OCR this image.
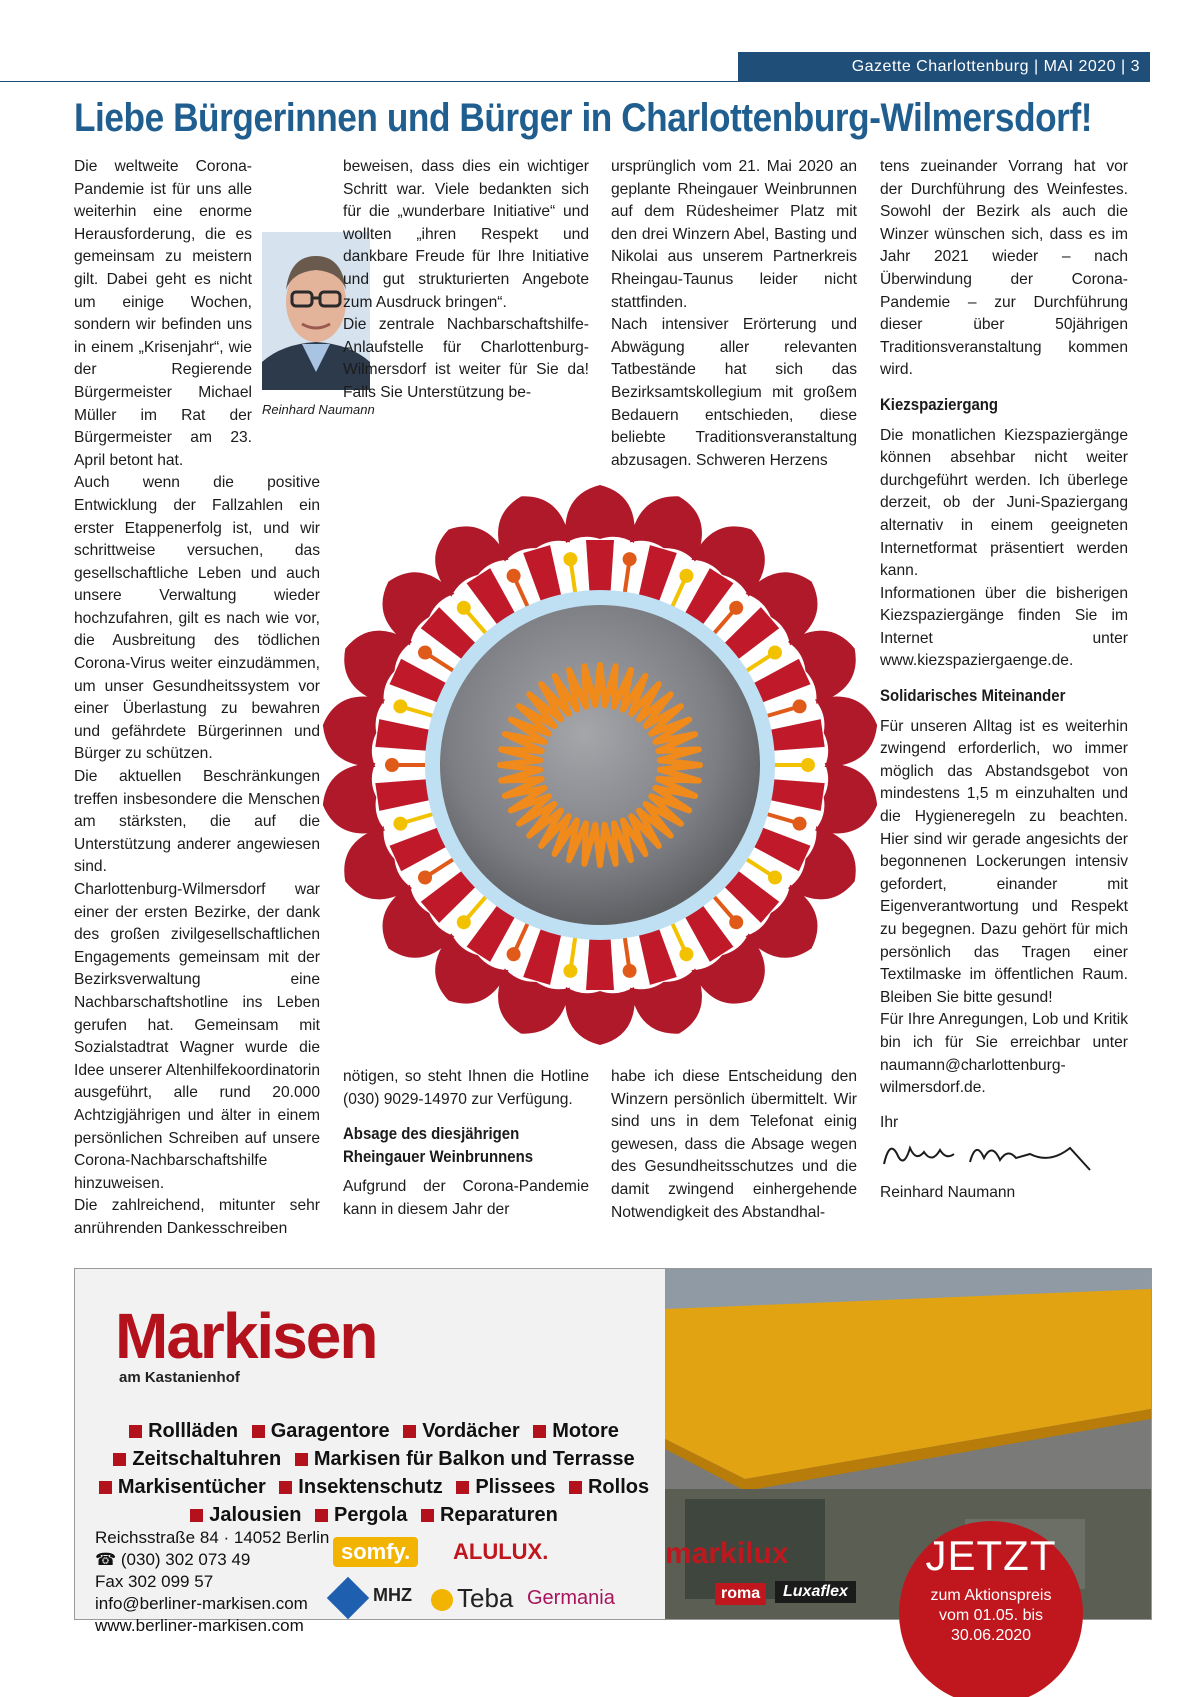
Gazette Charlottenburg | MAI 2020 | 3
Liebe Bürgerinnen und Bürger in Charlottenburg-Wilmersdorf!

Die weltweite Corona-Pandemie ist für uns alle weiterhin eine enorme Herausforderung, die es gemeinsam zu meistern gilt. Dabei geht es nicht um einige Wochen, sondern wir befinden uns in einem „Krisenjahr“, wie der Regierende Bürgermeister Michael Müller im Rat der Bürgermeister am 23. April betont hat.

Auch wenn die positive Entwicklung der Fallzahlen ein erster Etappenerfolg ist, und wir schrittweise versuchen, das gesellschaftliche Leben und auch unsere Verwaltung wieder hochzufahren, gilt es nach wie vor, die Ausbreitung des tödlichen Corona-Virus weiter einzudämmen, um unser Gesundheitssystem vor einer Überlastung zu bewahren und gefährdete Bürgerinnen und Bürger zu schützen.

Die aktuellen Beschränkungen treffen insbesondere die Menschen am stärksten, die auf die Unterstützung anderer angewiesen sind.

Charlottenburg-Wilmersdorf war einer der ersten Bezirke, der dank des großen zivilgesellschaftlichen Engagements gemeinsam mit der Bezirksverwaltung eine Nachbarschaftshotline ins Leben gerufen hat. Gemeinsam mit Sozialstadtrat Wagner wurde die Idee unserer Altenhilfekoordinatorin ausgeführt, alle rund 20.000 Achtzigjährigen und älter in einem persönlichen Schreiben auf unsere Corona-Nachbarschaftshilfe hinzuweisen.

Die zahlreichend, mitunter sehr anrührenden Dankesschreiben

Reinhard Naumann

beweisen, dass dies ein wichtiger Schritt war. Viele bedankten sich für die „wunderbare Initiative“ und wollten „ihren Respekt und dankbare Freude für Ihre Initiative und gut strukturierten Angebote zum Ausdruck bringen“.

Die zentrale Nachbarschaftshilfe-Anlaufstelle für Charlottenburg-Wilmersdorf ist weiter für Sie da! Falls Sie Unterstützung be-

ursprünglich vom 21. Mai 2020 an geplante Rheingauer Weinbrunnen auf dem Rüdesheimer Platz mit den drei Winzern Abel, Basting und Nikolai aus unserem Partnerkreis Rheingau-Taunus leider nicht stattfinden.

Nach intensiver Erörterung und Abwägung aller relevanten Tatbestände hat sich das Bezirksamtskollegium mit großem Bedauern entschieden, diese beliebte Traditionsveranstaltung abzusagen. Schweren Herzens

nötigen, so steht Ihnen die Hotline (030) 9029-14970 zur Verfügung.

Absage des diesjährigen Rheingauer Weinbrunnens

Aufgrund der Corona-Pandemie kann in diesem Jahr der

habe ich diese Entscheidung den Winzern persönlich übermittelt. Wir sind uns in dem Telefonat einig gewesen, dass die Absage wegen des Gesundheitsschutzes und die damit zwingend einhergehende Notwendigkeit des Abstandhal-

tens zueinander Vorrang hat vor der Durchführung des Weinfestes. Sowohl der Bezirk als auch die Winzer wünschen sich, dass es im Jahr 2021 wieder – nach Überwindung der Corona-Pandemie – zur Durchführung dieser über 50jährigen Traditionsveranstaltung kommen wird.

Kiezspaziergang

Die monatlichen Kiezspaziergänge können absehbar nicht weiter durchgeführt werden. Ich überlege derzeit, ob der Juni-Spaziergang alternativ in einem geeigneten Internetformat präsentiert werden kann.

Informationen über die bisherigen Kiezspaziergänge finden Sie im Internet unter www.kiezspaziergaenge.de.

Solidarisches Miteinander

Für unseren Alltag ist es weiterhin zwingend erforderlich, wo immer möglich das Abstandsgebot von mindestens 1,5 m einzuhalten und die Hygieneregeln zu beachten. Hier sind wir gerade angesichts der begonnenen Lockerungen intensiv gefordert, einander mit Eigenverantwortung und Respekt zu begegnen. Dazu gehört für mich persönlich das Tragen einer Textilmaske im öffentlichen Raum. Bleiben Sie bitte gesund!

Für Ihre Anregungen, Lob und Kritik bin ich für Sie erreichbar unter naumann@charlottenburg-wilmersdorf.de.

Ihr

Reinhard Naumann

Markisen
am Kastanienhof
Rollläden Garagentore Vordächer Motore
Zeitschaltuhren Markisen für Balkon und Terrasse
Markisentücher Insektenschutz Plissees Rollos
Jalousien Pergola Reparaturen
Reichsstraße 84 · 14052 Berlin
☎ (030) 302 073 49
Fax 302 099 57
info@berliner-markisen.com
www.berliner-markisen.com
somfy.	ALULUX.
MHZ Teba Germania
markilux
roma	Luxaflex
JETZT
zum Aktionspreis
vom 01.05. bis
30.06.2020
